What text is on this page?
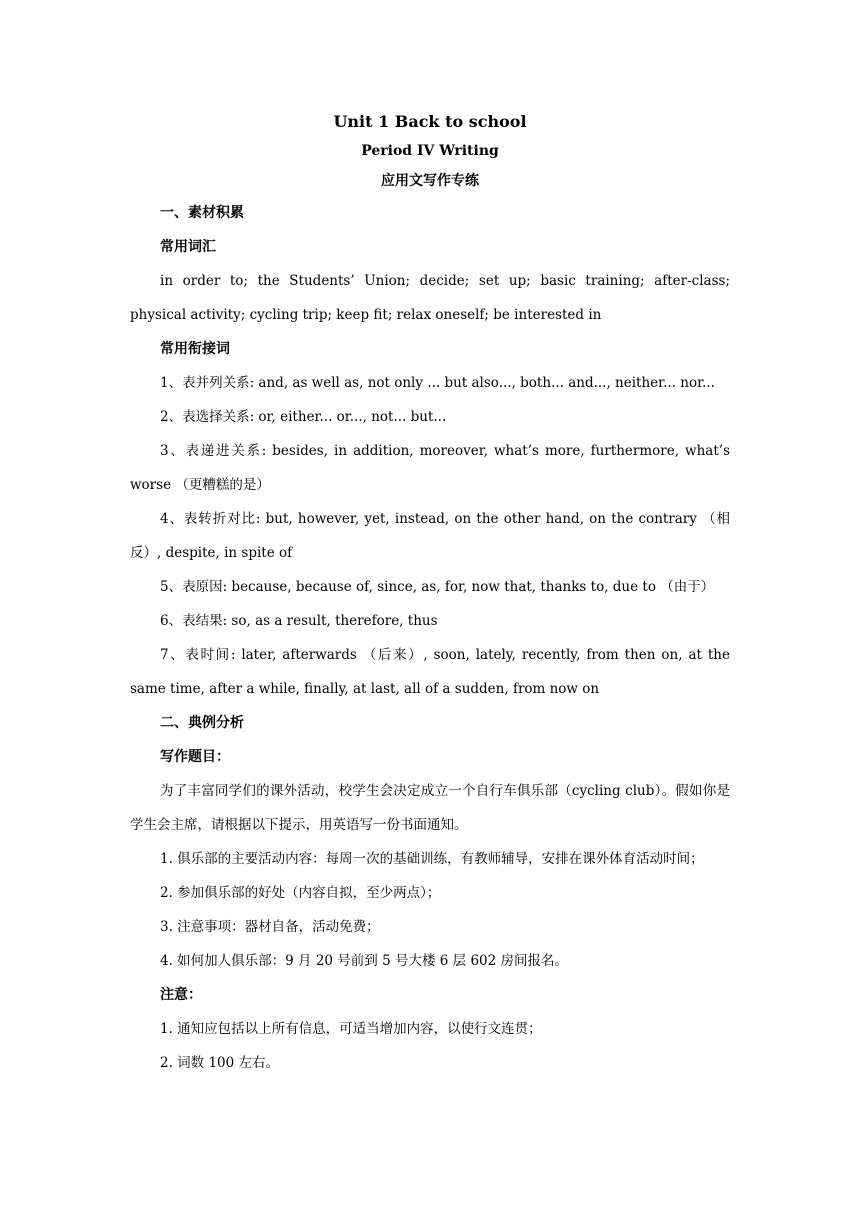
Unit 1 Back to school
Period IV Writing
应用文写作专练
一、素材积累
常用词汇
in order to; the Students’ Union; decide; set up; basic training; after-class; physical activity; cycling trip; keep fit; relax oneself; be interested in
常用衔接词
1、表并列关系: and, as well as, not only ... but also..., both... and..., neither... nor...
2、表选择关系: or, either... or..., not... but...
3、表递进关系: besides, in addition, moreover, what’s more, furthermore, what’s worse （更糟糕的是）
4、表转折对比: but, however, yet, instead, on the other hand, on the contrary （相反）, despite, in spite of
5、表原因: because, because of, since, as, for, now that, thanks to, due to （由于）
6、表结果: so, as a result, therefore, thus
7、表时间: later, afterwards （后来）, soon, lately, recently, from then on, at the same time, after a while, finally, at last, all of a sudden, from now on
二、典例分析
写作题目：
为了丰富同学们的课外活动，校学生会决定成立一个自行车俱乐部（cycling club）。假如你是学生会主席，请根据以下提示，用英语写一份书面通知。
1. 俱乐部的主要活动内容：每周一次的基础训练，有教师辅导，安排在课外体育活动时间；
2. 参加俱乐部的好处（内容自拟，至少两点）；
3. 注意事项：器材自备，活动免费；
4. 如何加人俱乐部：9 月 20 号前到 5 号大楼 6 层 602 房间报名。
注意：
1. 通知应包括以上所有信息，可适当增加内容，以使行文连贯；
2. 词数 100 左右。
